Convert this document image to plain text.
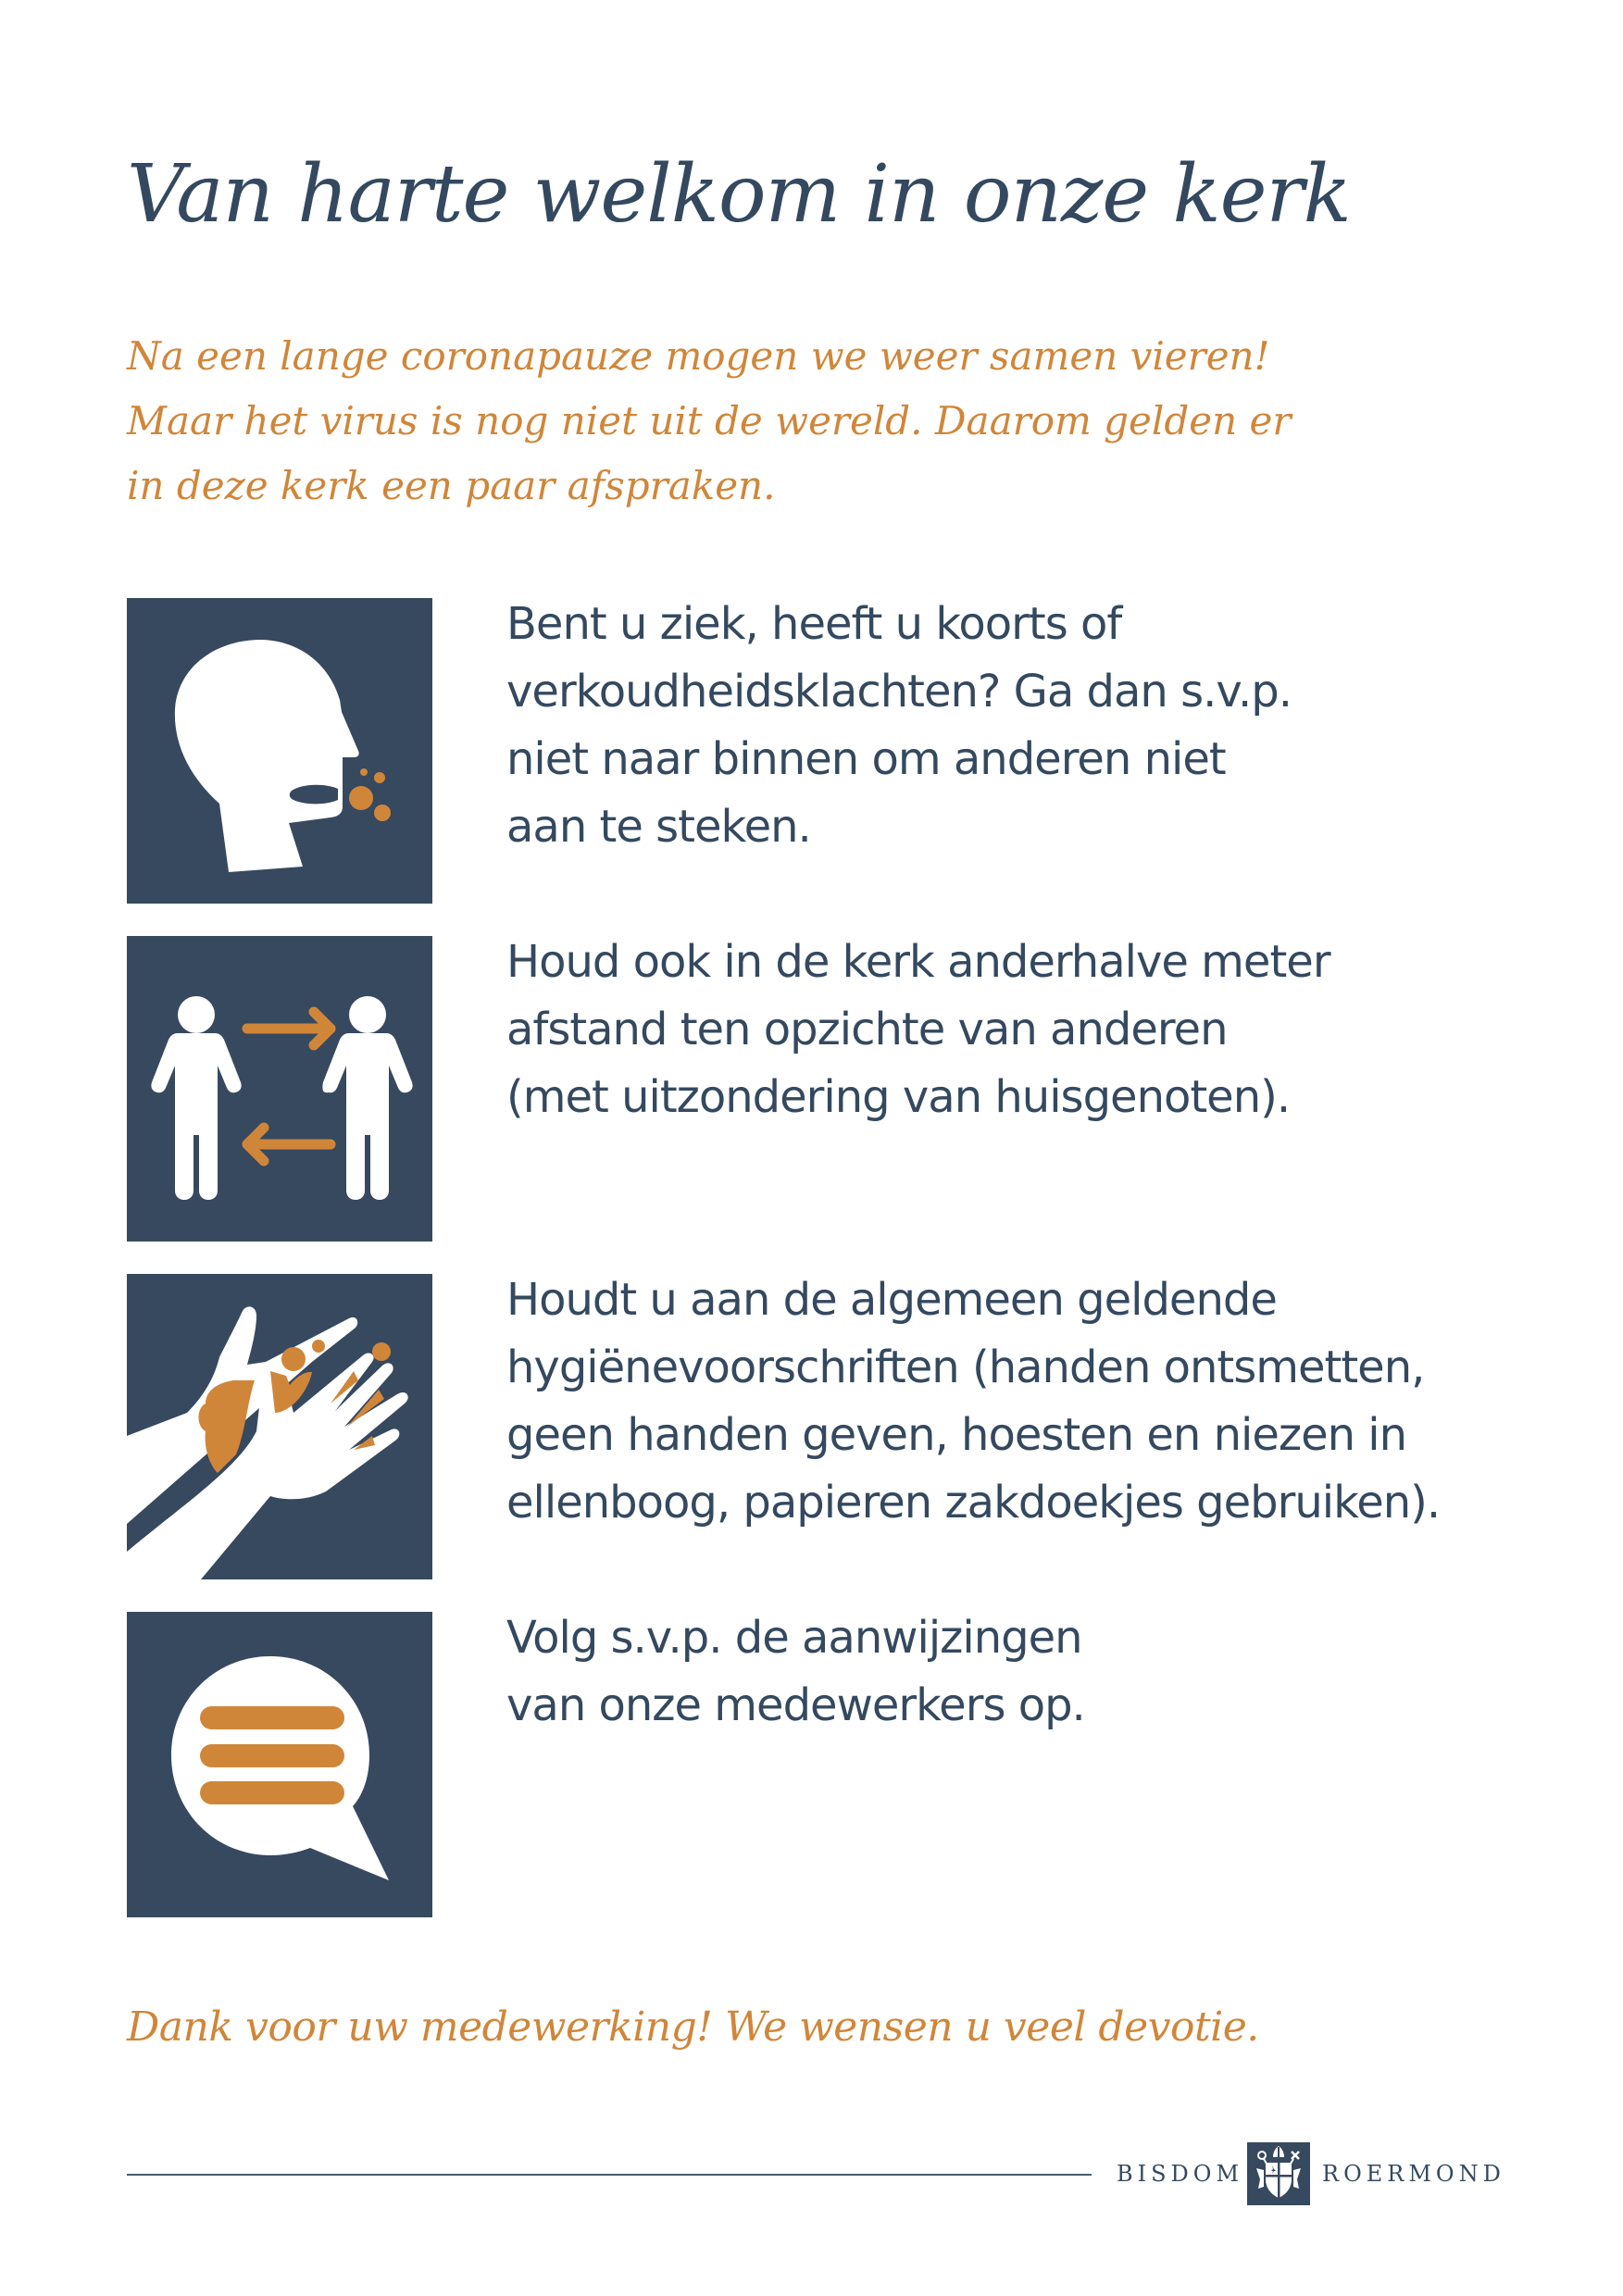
Van harte welkom in onze kerk

Na een lange coronapauze mogen we weer samen vieren!
Maar het virus is nog niet uit de wereld. Daarom gelden er
in deze kerk een paar afspraken.

Bent u ziek, heeft u koorts of
verkoudheidsklachten? Ga dan s.v.p.
niet naar binnen om anderen niet
aan te steken.

Houd ook in de kerk anderhalve meter
afstand ten opzichte van anderen
(met uitzondering van huisgenoten).

Houdt u aan de algemeen geldende
hygiënevoorschriften (handen ontsmetten,
geen handen geven, hoesten en niezen in
ellenboog, papieren zakdoekjes gebruiken).

Volg s.v.p. de aanwijzingen
van onze medewerkers op.

Dank voor uw medewerking! We wensen u veel devotie.

BISDOM	ROERMOND
